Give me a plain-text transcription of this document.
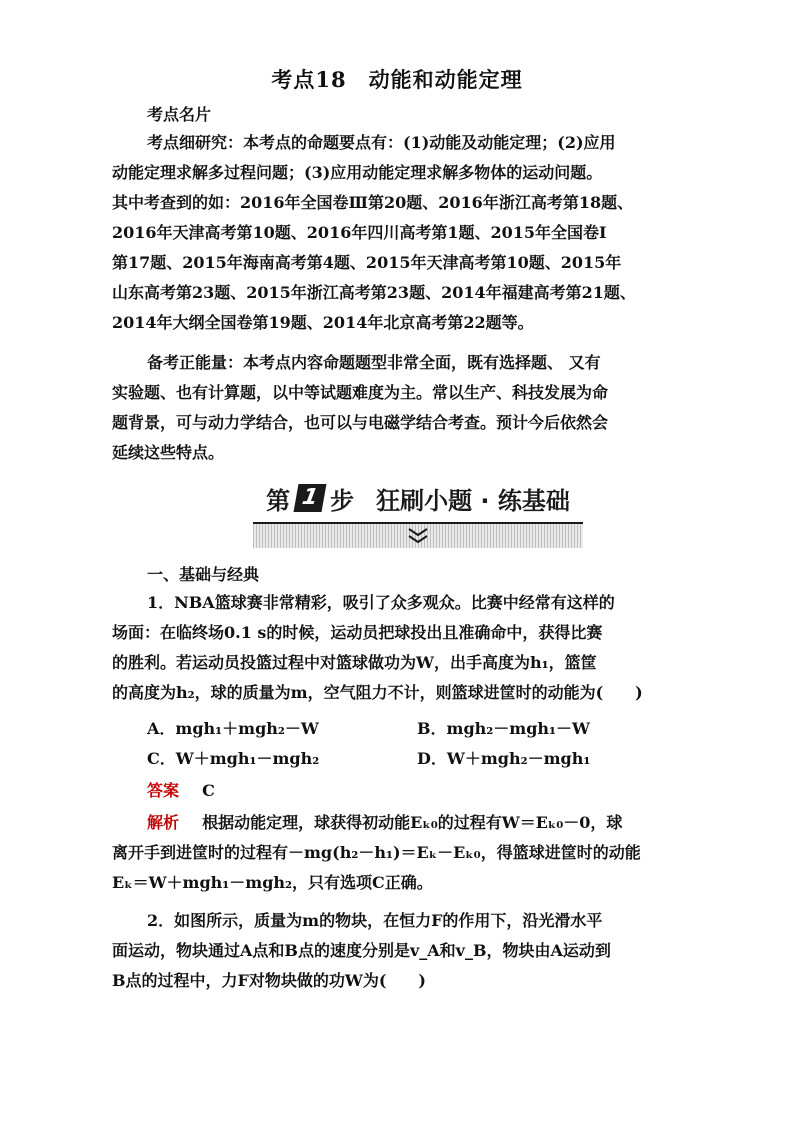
考点18 动能和动能定理
考点名片
考点细研究：本考点的命题要点有：(1)动能及动能定理；(2)应用
动能定理求解多过程问题；(3)应用动能定理求解多物体的运动问题。
其中考查到的如：2016年全国卷Ⅲ第20题、2016年浙江高考第18题、
2016年天津高考第10题、2016年四川高考第1题、2015年全国卷Ⅰ
第17题、2015年海南高考第4题、2015年天津高考第10题、2015年
山东高考第23题、2015年浙江高考第23题、2014年福建高考第21题、
2014年大纲全国卷第19题、2014年北京高考第22题等。
备考正能量：本考点内容命题题型非常全面，既有选择题、 又有
实验题、也有计算题，以中等试题难度为主。常以生产、科技发展为命
题背景，可与动力学结合，也可以与电磁学结合考查。预计今后依然会
延续这些特点。
第 1 步 狂刷小题 · 练基础
一、基础与经典
1．NBA篮球赛非常精彩，吸引了众多观众。比赛中经常有这样的
场面：在临终场0.1 s的时候，运动员把球投出且准确命中，获得比赛
的胜利。若运动员投篮过程中对篮球做功为W，出手高度为h₁，篮筐
的高度为h₂，球的质量为m，空气阻力不计，则篮球进筐时的动能为(　　)
A．mgh₁＋mgh₂－W	B．mgh₂－mgh₁－W
C．W＋mgh₁－mgh₂	D．W＋mgh₂－mgh₁
答案 C
解析 根据动能定理，球获得初动能Eₖ₀的过程有W＝Eₖ₀－0，球
离开手到进筐时的过程有－mg(h₂－h₁)＝Eₖ－Eₖ₀，得篮球进筐时的动能
Eₖ＝W＋mgh₁－mgh₂，只有选项C正确。
2．如图所示，质量为m的物块，在恒力F的作用下，沿光滑水平
面运动，物块通过A点和B点的速度分别是v_A和v_B，物块由A运动到
B点的过程中，力F对物块做的功W为(　　)
